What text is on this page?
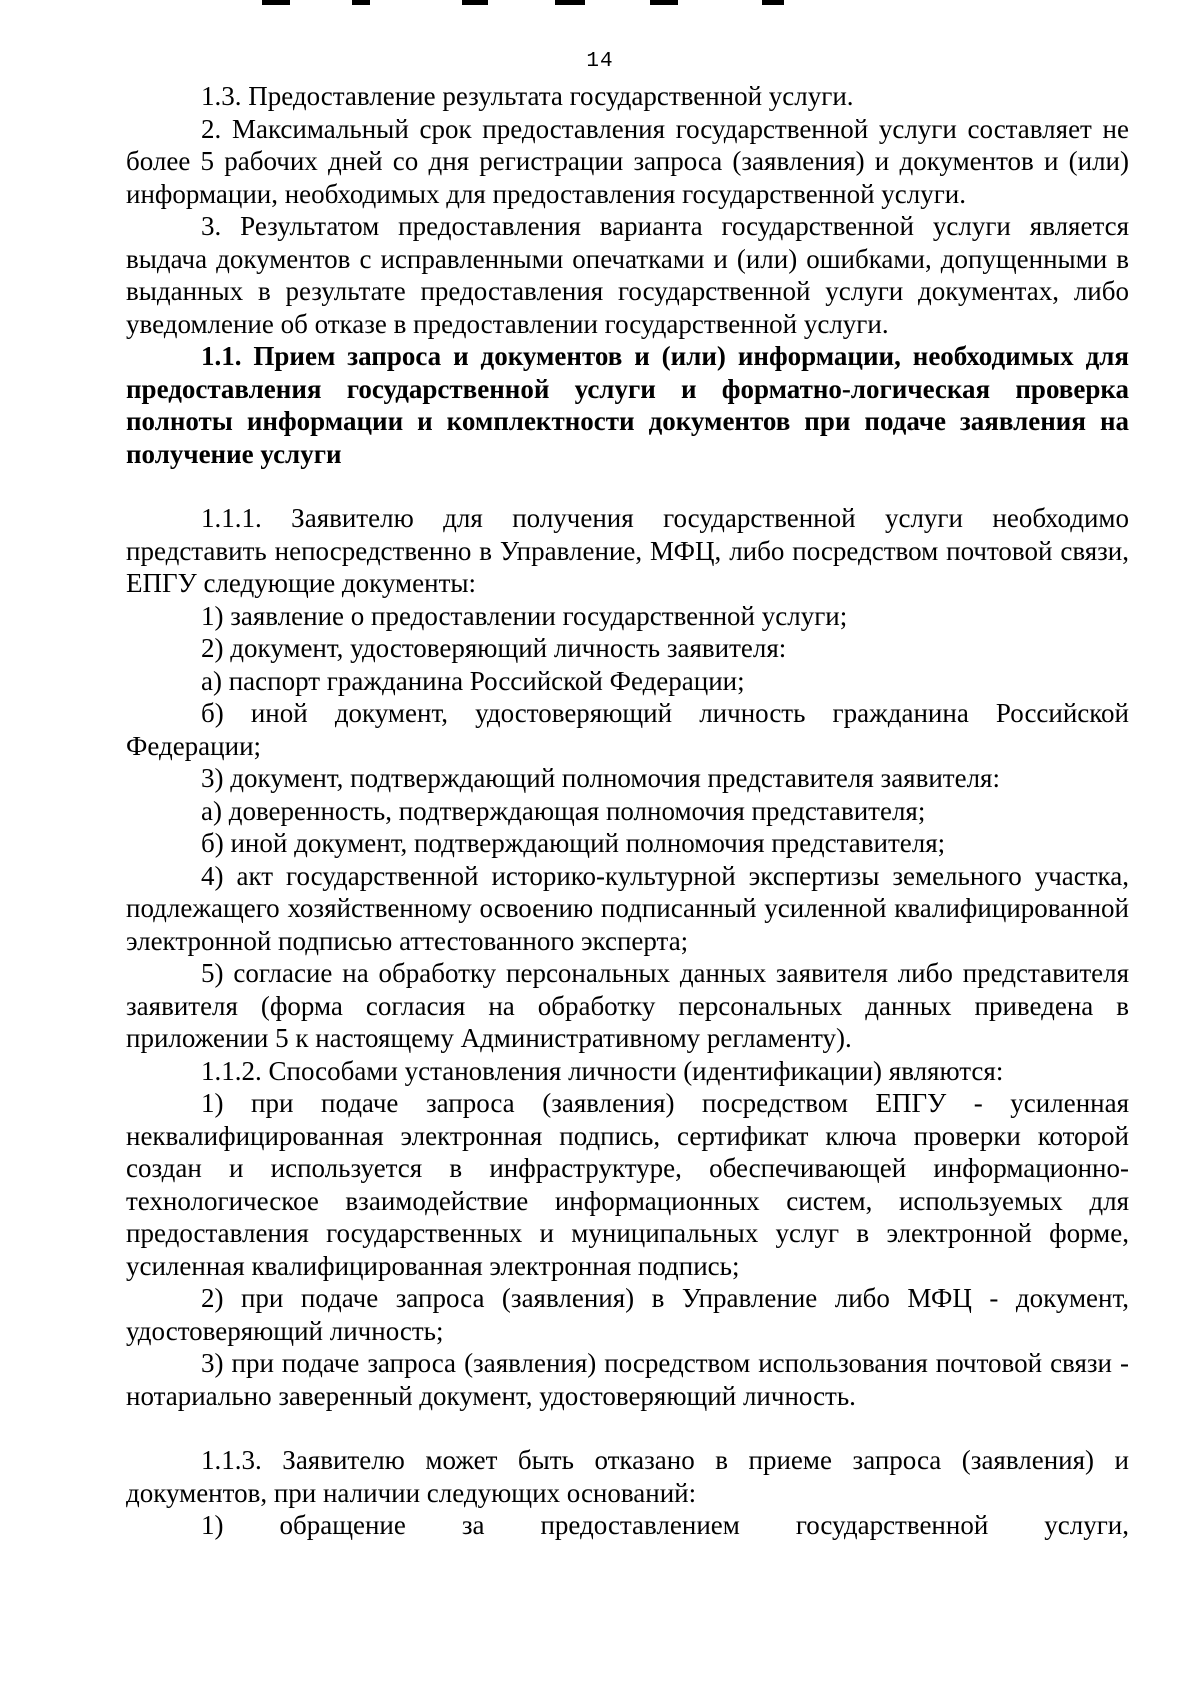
14

1.3. Предоставление результата государственной услуги.

2. Максимальный срок предоставления государственной услуги составляет не более 5 рабочих дней со дня регистрации запроса (заявления) и документов и (или) информации, необходимых для предоставления государственной услуги.

3. Результатом предоставления варианта государственной услуги является выдача документов с исправленными опечатками и (или) ошибками, допущенными в выданных в результате предоставления государственной услуги документах, либо уведомление об отказе в предоставлении государственной услуги.

1.1. Прием запроса и документов и (или) информации, необходимых для предоставления государственной услуги и форматно-логическая проверка полноты информации и комплектности документов при подаче заявления на получение услуги

1.1.1. Заявителю для получения государственной услуги необходимо представить непосредственно в Управление, МФЦ, либо посредством почтовой связи, ЕПГУ следующие документы:

1) заявление о предоставлении государственной услуги;

2) документ, удостоверяющий личность заявителя:

а) паспорт гражданина Российской Федерации;

б) иной документ, удостоверяющий личность гражданина Российской Федерации;

3) документ, подтверждающий полномочия представителя заявителя:

а) доверенность, подтверждающая полномочия представителя;

б) иной документ, подтверждающий полномочия представителя;

4) акт государственной историко-культурной экспертизы земельного участка, подлежащего хозяйственному освоению подписанный усиленной квалифицированной электронной подписью аттестованного эксперта;

5) согласие на обработку персональных данных заявителя либо представителя заявителя (форма согласия на обработку персональных данных приведена в приложении 5 к настоящему Административному регламенту).

1.1.2. Способами установления личности (идентификации) являются:

1) при подаче запроса (заявления) посредством ЕПГУ - усиленная неквалифицированная электронная подпись, сертификат ключа проверки которой создан и используется в инфраструктуре, обеспечивающей информационно-технологическое взаимодействие информационных систем, используемых для предоставления государственных и муниципальных услуг в электронной форме, усиленная квалифицированная электронная подпись;

2) при подаче запроса (заявления) в Управление либо МФЦ - документ, удостоверяющий личность;

3) при подаче запроса (заявления) посредством использования почтовой связи - нотариально заверенный документ, удостоверяющий личность.

1.1.3. Заявителю может быть отказано в приеме запроса (заявления) и документов, при наличии следующих оснований:

1) обращение за предоставлением государственной услуги,
